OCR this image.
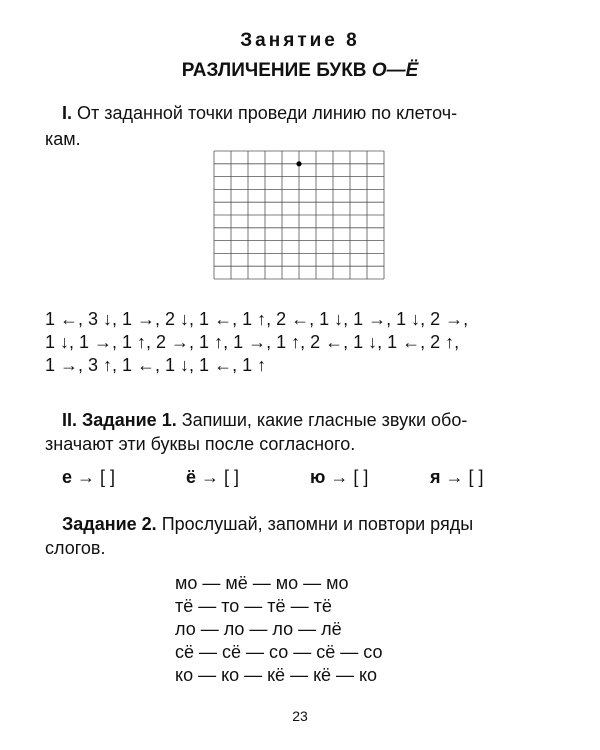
Занятие 8
РАЗЛИЧЕНИЕ БУКВ О—Ё
I. От заданной точки проведи линию по клеточ-
кам.
1 ←, 3 ↓, 1 →, 2 ↓, 1 ←, 1 ↑, 2 ←, 1 ↓, 1 →, 1 ↓, 2 →,
1 ↓, 1 →, 1 ↑, 2 →, 1 ↑, 1 →, 1 ↑, 2 ←, 1 ↓, 1 ←, 2 ↑,
1 →, 3 ↑, 1 ←, 1 ↓, 1 ←, 1 ↑
II. Задание 1. Запиши, какие гласные звуки обо-
значают эти буквы после согласного.
е → [ ]	ё → [ ]	ю → [ ]	я → [ ]
Задание 2. Прослушай, запомни и повтори ряды
слогов.
мо — мё — мо — мо
тё — то — тё — тё
ло — ло — ло — лё
сё — сё — со — сё — со
ко — ко — кё — кё — ко
23
